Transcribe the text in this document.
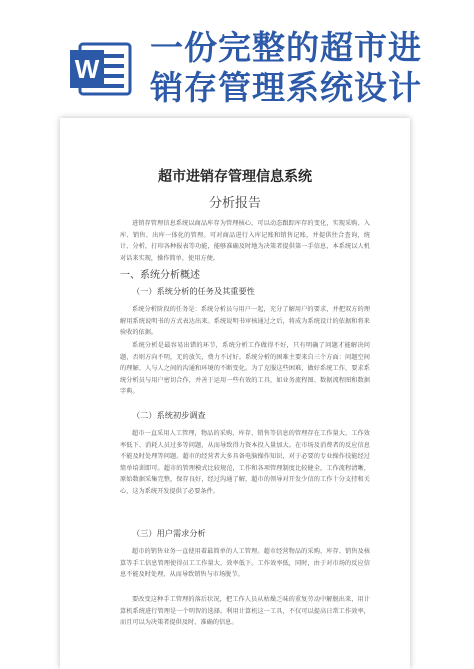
W
一份完整的超市进
销存管理系统设计
超市进销存管理信息系统
分析报告
进销存管理信息系统以商品库存为管理核心，可以动态跟踪库存的变化，实现采购、入库、销售、出库一体化的管理。可对商品进行入库记账和销售记账，并提供往合查询，统计、分析，打印各种报表等功能，能够准确及时地为决策者提供第一手信息，本系统以人机对话来实现，操作简单，使用方便。
一、系统分析概述
（一）系统分析的任务及其重要性
系统分析阶段的任务是：系统分析员与用户一起，充分了解用户的要求，并把双方的理解用系统说明书的方式表达出来。系统说明书审核通过之后，将成为系统设计的依据和将来验收的依据。
系统分析是最容易出错的环节，系统分析工作做得不好，只有明确了问题才能解决问题，否则方向不明，无的放矢，费力不讨好。系统分析的困难主要来自三个方面：问题空间的理解、人与人之间的沟通和环境的不断变化。为了克服这些困难，做好系统工作，要求系统分析员与用户密切合作，并善于运用一些有效的工具，如业务流程图、数据流程图和数据字典。
（二）系统初步调查
超市一直采用人工管理，物品的采购、库存、销售等信息的管理存在工作量大、工作效率低下、消耗人员过多等问题，从而导致得力资本投入量加大。在市场及消费者的反应信息不能及时处理等问题。超市的经营者大多具备电脑操作知识，对于必要的专业操作技能经过简单培训即可。超市的管理模式比较规范，工作和各项管理制度比较健全，工作流程清晰，原始数据采集完整，保存良好，经过沟通了解，超市的领导对开发少信的工作十分支持和关心，这为系统开发提供了必要条件。
（三）用户需求分析
超市的销售业务一直使用着最简单的人工管理。超市经营物品的采购、库存、销售及核算等手工信息管理使得员工工作量大、效率低下。工作效率低，同时，由于对市场的反应信息不能及时处理，从而导致销售与市场脱节。
要改变这种手工管理的落后状况，把工作人员从枯燥乏味的重复劳动中解脱出来，用计算机系统进行管理是一个明智的选择。利用计算机这一工具，不仅可以提高日常工作效率，而且可以为决策者提供及时、准确的信息。
